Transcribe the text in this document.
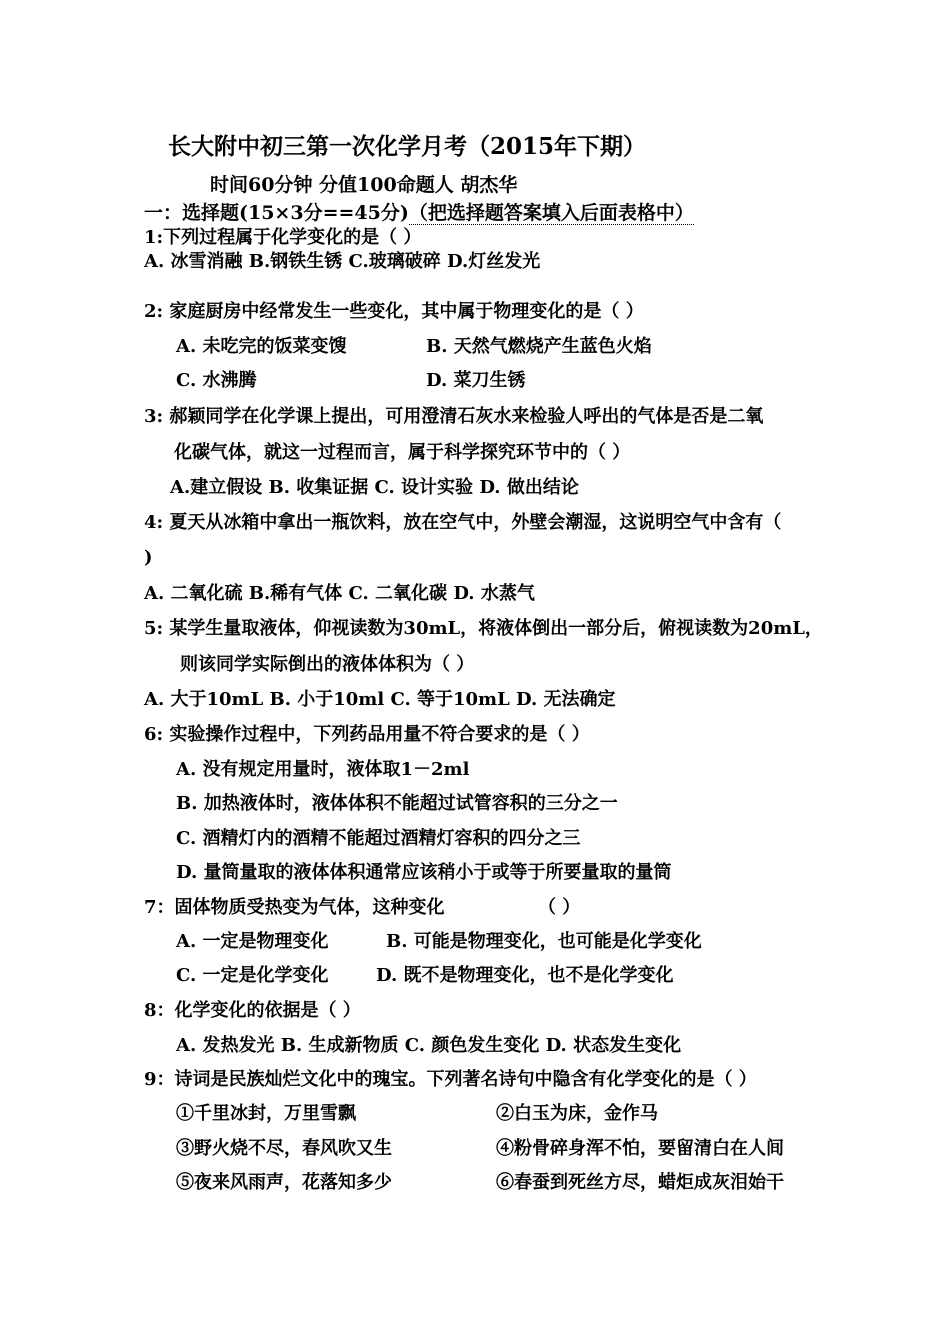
长大附中初三第一次化学月考（2015年下期）
时间60分钟 分值100命题人 胡杰华
一：选择题(15×3分==45分)（把选择题答案填入后面表格中）
1:下列过程属于化学变化的是（ ）
A. 冰雪消融 B.钢铁生锈 C.玻璃破碎 D.灯丝发光
2: 家庭厨房中经常发生一些变化，其中属于物理变化的是（ ）
A. 未吃完的饭菜变馊	B. 天然气燃烧产生蓝色火焰
C. 水沸腾	D. 菜刀生锈
3: 郝颖同学在化学课上提出，可用澄清石灰水来检验人呼出的气体是否是二氧
化碳气体，就这一过程而言，属于科学探究环节中的（ ）
A.建立假设 B. 收集证据 C. 设计实验 D. 做出结论
4: 夏天从冰箱中拿出一瓶饮料，放在空气中，外壁会潮湿，这说明空气中含有（
)
A. 二氧化硫 B.稀有气体 C. 二氧化碳 D. 水蒸气
5: 某学生量取液体，仰视读数为30mL，将液体倒出一部分后，俯视读数为20mL，
则该同学实际倒出的液体体积为（ ）
A. 大于10mL B. 小于10ml C. 等于10mL D. 无法确定
6: 实验操作过程中，下列药品用量不符合要求的是（ ）
A. 没有规定用量时，液体取1－2ml
B. 加热液体时，液体体积不能超过试管容积的三分之一
C. 酒精灯内的酒精不能超过酒精灯容积的四分之三
D. 量筒量取的液体体积通常应该稍小于或等于所要量取的量筒
7：固体物质受热变为气体，这种变化	（ ）
A. 一定是物理变化	B. 可能是物理变化，也可能是化学变化
C. 一定是化学变化	D. 既不是物理变化，也不是化学变化
8：化学变化的依据是（ ）
A. 发热发光 B. 生成新物质 C. 颜色发生变化 D. 状态发生变化
9：诗词是民族灿烂文化中的瑰宝。下列著名诗句中隐含有化学变化的是（ ）
①千里冰封，万里雪飘	②白玉为床，金作马
③野火烧不尽，春风吹又生	④粉骨碎身浑不怕，要留清白在人间
⑤夜来风雨声，花落知多少	⑥春蚕到死丝方尽，蜡炬成灰泪始干
